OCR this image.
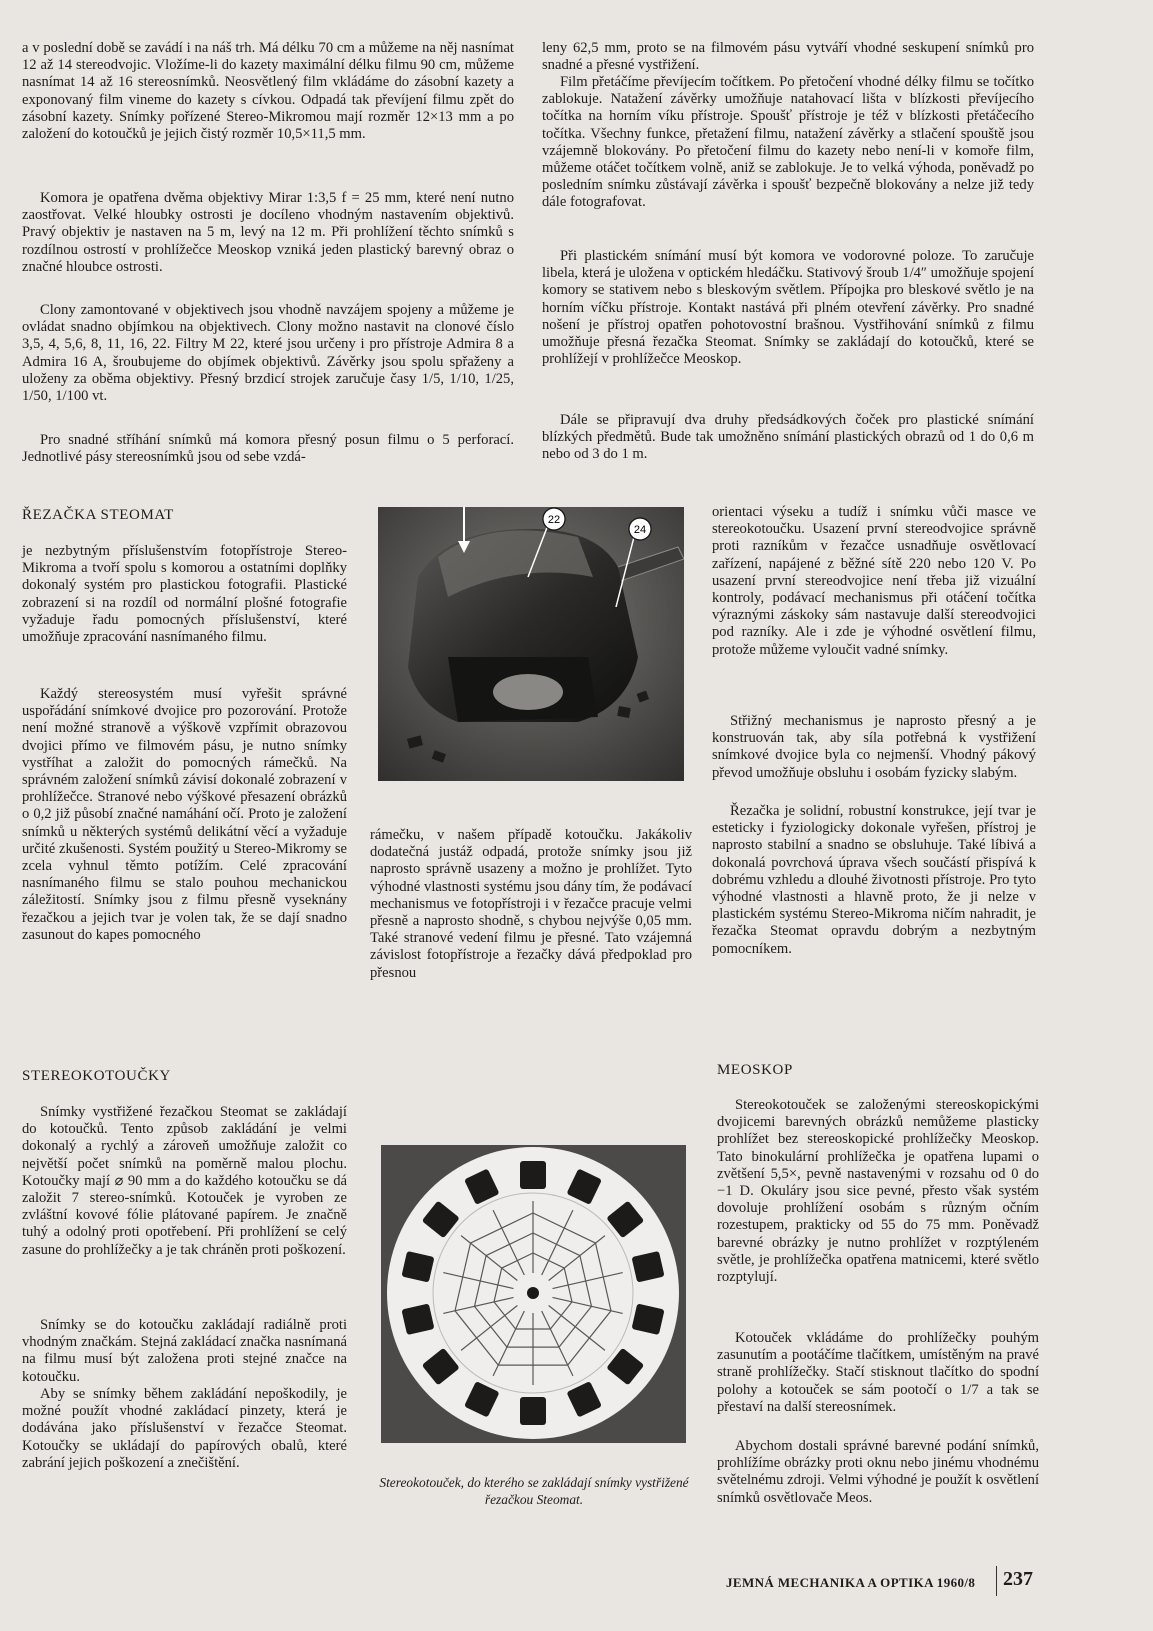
a v poslední době se zavádí i na náš trh. Má délku 70 cm a můžeme na něj nasnímat 12 až 14 stereodvojic. Vložíme-li do kazety maximální délku filmu 90 cm, můžeme nasnímat 14 až 16 stereosnímků. Neosvětlený film vkládáme do zásobní kazety a exponovaný film vineme do kazety s cívkou. Odpadá tak převíjení filmu zpět do zásobní kazety. Snímky pořízené Stereo-Mikromou mají rozměr 12×13 mm a po založení do kotoučků je jejich čistý rozměr 10,5×11,5 mm.

Komora je opatřena dvěma objektivy Mirar 1:3,5 f = 25 mm, které není nutno zaostřovat. Velké hloubky ostrosti je docíleno vhodným nastavením objektivů. Pravý objektiv je nastaven na 5 m, levý na 12 m. Při prohlížení těchto snímků s rozdílnou ostrostí v prohlížečce Meoskop vzniká jeden plastický barevný obraz o značné hloubce ostrosti.

Clony zamontované v objektivech jsou vhodně navzájem spojeny a můžeme je ovládat snadno objímkou na objektivech. Clony možno nastavit na clonové číslo 3,5, 4, 5,6, 8, 11, 16, 22. Filtry M 22, které jsou určeny i pro přístroje Admira 8 a Admira 16 A, šroubujeme do objímek objektivů. Závěrky jsou spolu spřaženy a uloženy za oběma objektivy. Přesný brzdicí strojek zaručuje časy 1/5, 1/10, 1/25, 1/50, 1/100 vt.

Pro snadné stříhání snímků má komora přesný posun filmu o 5 perforací. Jednotlivé pásy stereosnímků jsou od sebe vzdá-

leny 62,5 mm, proto se na filmovém pásu vytváří vhodné seskupení snímků pro snadné a přesné vystřižení.

Film přetáčíme převíjecím točítkem. Po přetočení vhodné délky filmu se točítko zablokuje. Natažení závěrky umožňuje natahovací lišta v blízkosti převíjecího točítka na horním víku přístroje. Spoušť přístroje je též v blízkosti přetáčecího točítka. Všechny funkce, přetažení filmu, natažení závěrky a stlačení spouště jsou vzájemně blokovány. Po přetočení filmu do kazety nebo není-li v komoře film, můžeme otáčet točítkem volně, aniž se zablokuje. Je to velká výhoda, poněvadž po posledním snímku zůstávají závěrka i spoušť bezpečně blokovány a nelze již tedy dále fotografovat.

Při plastickém snímání musí být komora ve vodorovné poloze. To zaručuje libela, která je uložena v optickém hledáčku. Stativový šroub 1/4″ umožňuje spojení komory se stativem nebo s bleskovým světlem. Přípojka pro bleskové světlo je na horním víčku přístroje. Kontakt nastává při plném otevření závěrky. Pro snadné nošení je přístroj opatřen pohotovostní brašnou. Vystřihování snímků z filmu umožňuje přesná řezačka Steomat. Snímky se zakládají do kotoučků, které se prohlížejí v prohlížečce Meoskop.

Dále se připravují dva druhy předsádkových čoček pro plastické snímání blízkých předmětů. Bude tak umožněno snímání plastických obrazů od 1 do 0,6 m nebo od 3 do 1 m.

ŘEZAČKA STEOMAT

je nezbytným příslušenstvím fotopřístroje Stereo-Mikroma a tvoří spolu s komorou a ostatními doplňky dokonalý systém pro plastickou fotografii. Plastické zobrazení si na rozdíl od normální plošné fotografie vyžaduje řadu pomocných příslušenství, které umožňuje zpracování nasnímaného filmu.

Každý stereosystém musí vyřešit správné uspořádání snímkové dvojice pro pozorování. Protože není možné stranově a výškově vzpřímit obrazovou dvojici přímo ve filmovém pásu, je nutno snímky vystříhat a založit do pomocných rámečků. Na správném založení snímků závisí dokonalé zobrazení v prohlížečce. Stranové nebo výškové přesazení obrázků o 0,2 již působí značné namáhání očí. Proto je založení snímků u některých systémů delikátní věcí a vyžaduje určité zkušenosti. Systém použitý u Stereo-Mikromy se zcela vyhnul těmto potížím. Celé zpracování nasnímaného filmu se stalo pouhou mechanickou záležitostí. Snímky jsou z filmu přesně vyseknány řezačkou a jejich tvar je volen tak, že se dají snadno zasunout do kapes pomocného

22
24

rámečku, v našem případě kotoučku. Jakákoliv dodatečná justáž odpadá, protože snímky jsou již naprosto správně usazeny a možno je prohlížet. Tyto výhodné vlastnosti systému jsou dány tím, že podávací mechanismus ve fotopřístroji i v řezačce pracuje velmi přesně a naprosto shodně, s chybou nejvýše 0,05 mm. Také stranové vedení filmu je přesné. Tato vzájemná závislost fotopřístroje a řezačky dává předpoklad pro přesnou

orientaci výseku a tudíž i snímku vůči masce ve stereokotoučku. Usazení první stereodvojice správně proti razníkům v řezačce usnadňuje osvětlovací zařízení, napájené z běžné sítě 220 nebo 120 V. Po usazení první stereodvojice není třeba již vizuální kontroly, podávací mechanismus při otáčení točítka výraznými záskoky sám nastavuje další stereodvojici pod razníky. Ale i zde je výhodné osvětlení filmu, protože můžeme vyloučit vadné snímky.

Střižný mechanismus je naprosto přesný a je konstruován tak, aby síla potřebná k vystřižení snímkové dvojice byla co nejmenší. Vhodný pákový převod umožňuje obsluhu i osobám fyzicky slabým.

Řezačka je solidní, robustní konstrukce, její tvar je esteticky i fyziologicky dokonale vyřešen, přístroj je naprosto stabilní a snadno se obsluhuje. Také líbivá a dokonalá povrchová úprava všech součástí přispívá k dobrému vzhledu a dlouhé životnosti přístroje. Pro tyto výhodné vlastnosti a hlavně proto, že ji nelze v plastickém systému Stereo-Mikroma ničím nahradit, je řezačka Steomat opravdu dobrým a nezbytným pomocníkem.

STEREOKOTOUČKY

Snímky vystřižené řezačkou Steomat se zakládají do kotoučků. Tento způsob zakládání je velmi dokonalý a rychlý a zároveň umožňuje založit co největší počet snímků na poměrně malou plochu. Kotoučky mají ⌀ 90 mm a do každého kotoučku se dá založit 7 stereo-snímků. Kotouček je vyroben ze zvláštní kovové fólie plátované papírem. Je značně tuhý a odolný proti opotřebení. Při prohlížení se celý zasune do prohlížečky a je tak chráněn proti poškození.

Snímky se do kotoučku zakládají radiálně proti vhodným značkám. Stejná zakládací značka nasnímaná na filmu musí být založena proti stejné značce na kotoučku.

Aby se snímky během zakládání nepoškodily, je možné použít vhodné zakládací pinzety, která je dodávána jako příslušenství v řezačce Steomat. Kotoučky se ukládají do papírových obalů, které zabrání jejich poškození a znečištění.

Stereokotouček, do kterého se zakládají snímky vystřižené řezačkou Steomat.

MEOSKOP

Stereokotouček se založenými stereoskopickými dvojicemi barevných obrázků nemůžeme plasticky prohlížet bez stereoskopické prohlížečky Meoskop. Tato binokulární prohlížečka je opatřena lupami o zvětšení 5,5×, pevně nastavenými v rozsahu od 0 do −1 D. Okuláry jsou sice pevné, přesto však systém dovoluje prohlížení osobám s různým očním rozestupem, prakticky od 55 do 75 mm. Poněvadž barevné obrázky je nutno prohlížet v rozptýleném světle, je prohlížečka opatřena matnicemi, které světlo rozptylují.

Kotouček vkládáme do prohlížečky pouhým zasunutím a pootáčíme tlačítkem, umístěným na pravé straně prohlížečky. Stačí stisknout tlačítko do spodní polohy a kotouček se sám pootočí o 1/7 a tak se přestaví na další stereosnímek.

Abychom dostali správné barevné podání snímků, prohlížíme obrázky proti oknu nebo jinému vhodnému světelnému zdroji. Velmi výhodné je použít k osvětlení snímků osvětlovače Meos.

JEMNÁ MECHANIKA A OPTIKA 1960/8 237
